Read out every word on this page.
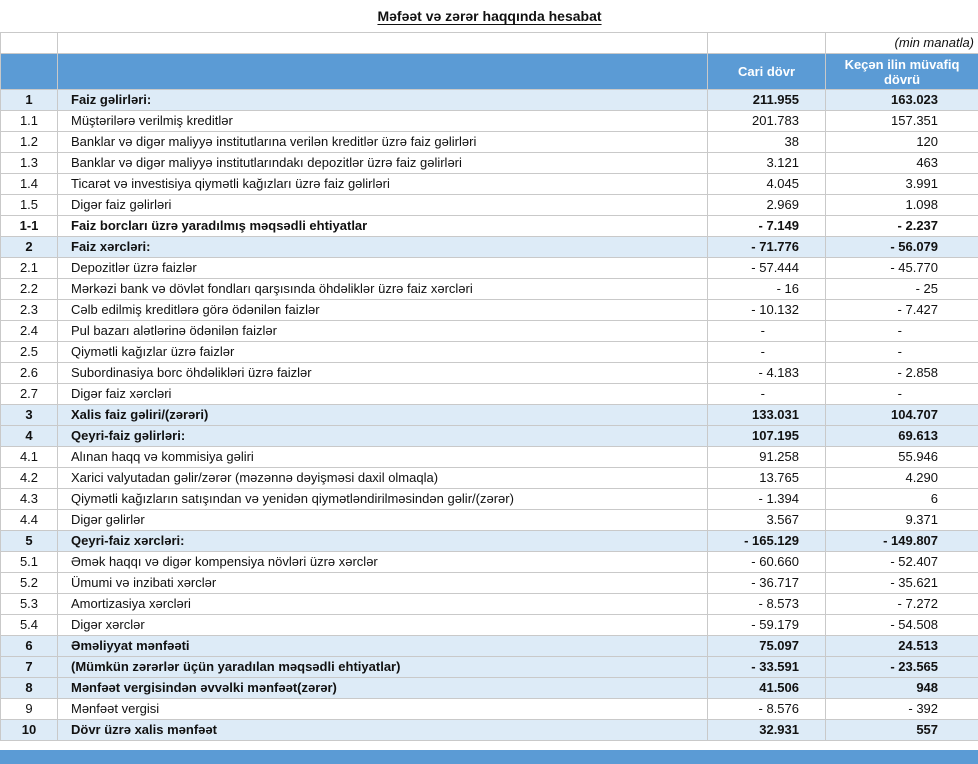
Məfəət və zərər haqqında hesabat			
			(min manatla)
		Cari dövr	Keçən ilin müvafiq dövrü
1	Faiz gəlirləri:	211.955	163.023
1.1	Müştərilərə verilmiş kreditlər	201.783	157.351
1.2	Banklar və digər maliyyə institutlarına verilən kreditlər üzrə faiz gəlirləri	38	120
1.3	Banklar və digər maliyyə institutlarındakı depozitlər üzrə faiz gəlirləri	3.121	463
1.4	Ticarət və investisiya qiymətli kağızları üzrə faiz gəlirləri	4.045	3.991
1.5	Digər faiz gəlirləri	2.969	1.098
1-1	Faiz borcları üzrə yaradılmış məqsədli ehtiyatlar	- 7.149	- 2.237
2	Faiz xərcləri:	- 71.776	- 56.079
2.1	Depozitlər üzrə faizlər	- 57.444	- 45.770
2.2	Mərkəzi bank və dövlət fondları qarşısında öhdəliklər üzrə faiz xərcləri	- 16	- 25
2.3	Cəlb edilmiş kreditlərə görə ödənilən faizlər	- 10.132	- 7.427
2.4	Pul bazarı alətlərinə ödənilən faizlər	-	-
2.5	Qiymətli kağızlar üzrə faizlər	-	-
2.6	Subordinasiya borc öhdəlikləri üzrə faizlər	- 4.183	- 2.858
2.7	Digər faiz xərcləri	-	-
3	Xalis faiz gəliri/(zərəri)	133.031	104.707
4	Qeyri-faiz gəlirləri:	107.195	69.613
4.1	Alınan haqq və kommisiya gəliri	91.258	55.946
4.2	Xarici valyutadan gəlir/zərər (məzənnə dəyişməsi daxil olmaqla)	13.765	4.290
4.3	Qiymətli kağızların satışından və yenidən qiymətləndirilməsindən gəlir/(zərər)	- 1.394	6
4.4	Digər gəlirlər	3.567	9.371
5	Qeyri-faiz xərcləri:	- 165.129	- 149.807
5.1	Əmək haqqı və digər kompensiya növləri üzrə xərclər	- 60.660	- 52.407
5.2	Ümumi və inzibati xərclər	- 36.717	- 35.621
5.3	Amortizasiya xərcləri	- 8.573	- 7.272
5.4	Digər xərclər	- 59.179	- 54.508
6	Əməliyyat mənfəəti	75.097	24.513
7	(Mümkün zərərlər üçün yaradılan məqsədli ehtiyatlar)	- 33.591	- 23.565
8	Mənfəət vergisindən əvvəlki mənfəət(zərər)	41.506	948
9	Mənfəət vergisi	- 8.576	- 392
10	Dövr üzrə xalis mənfəət	32.931	557
